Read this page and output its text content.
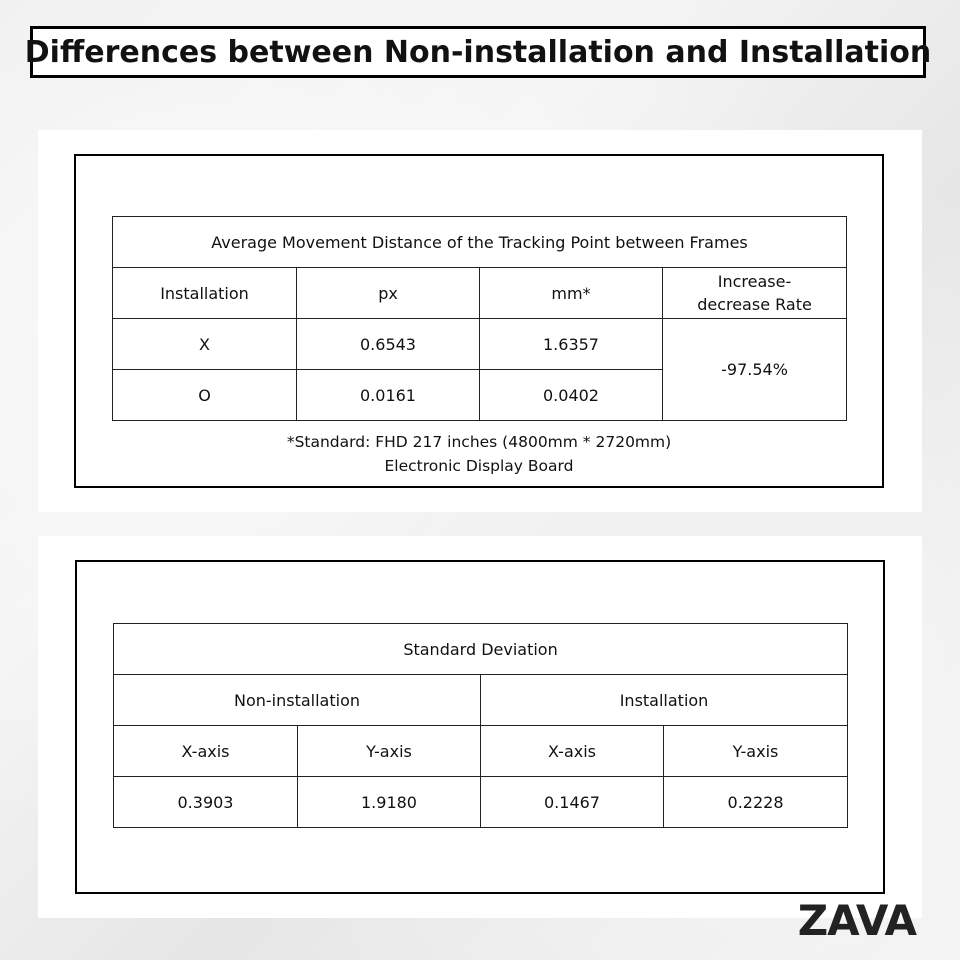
Differences between Non-installation and Installation
Average Movement Distance of the Tracking Point between Frames			
Installation	px	mm*	Increase-
decrease Rate
X	0.6543	1.6357	-97.54%
O	0.0161	0.0402	
*Standard: FHD 217 inches (4800mm * 2720mm)
Electronic Display Board
Standard Deviation			
Non-installation		Installation	
X-axis	Y-axis	X-axis	Y-axis
0.3903	1.9180	0.1467	0.2228
ZAVA
